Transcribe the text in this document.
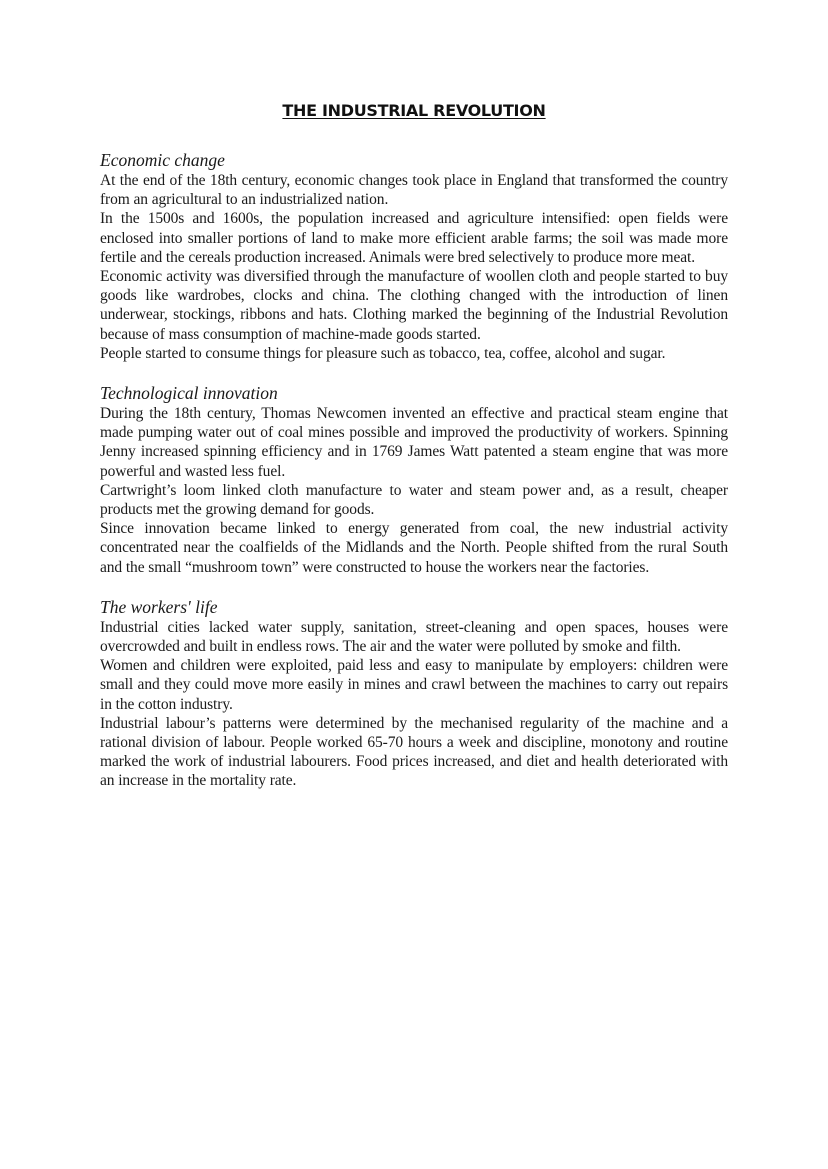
THE INDUSTRIAL REVOLUTION
Economic change

At the end of the 18th century, economic changes took place in England that transformed the country from an agricultural to an industrialized nation.

In the 1500s and 1600s, the population increased and agriculture intensified: open fields were enclosed into smaller portions of land to make more efficient arable farms; the soil was made more fertile and the cereals production increased. Animals were bred selectively to produce more meat.

Economic activity was diversified through the manufacture of woollen cloth and people started to buy goods like wardrobes, clocks and china. The clothing changed with the introduction of linen underwear, stockings, ribbons and hats. Clothing marked the beginning of the Industrial Revolution because of mass consumption of machine-made goods started.

People started to consume things for pleasure such as tobacco, tea, coffee, alcohol and sugar.

Technological innovation

During the 18th century, Thomas Newcomen invented an effective and practical steam engine that made pumping water out of coal mines possible and improved the productivity of workers. Spinning Jenny increased spinning efficiency and in 1769 James Watt patented a steam engine that was more powerful and wasted less fuel.

Cartwright’s loom linked cloth manufacture to water and steam power and, as a result, cheaper products met the growing demand for goods.

Since innovation became linked to energy generated from coal, the new industrial activity concentrated near the coalfields of the Midlands and the North. People shifted from the rural South and the small “mushroom town” were constructed to house the workers near the factories.

The workers' life

Industrial cities lacked water supply, sanitation, street-cleaning and open spaces, houses were overcrowded and built in endless rows. The air and the water were polluted by smoke and filth.

Women and children were exploited, paid less and easy to manipulate by employers: children were small and they could move more easily in mines and crawl between the machines to carry out repairs in the cotton industry.

Industrial labour’s patterns were determined by the mechanised regularity of the machine and a rational division of labour. People worked 65-70 hours a week and discipline, monotony and routine marked the work of industrial labourers. Food prices increased, and diet and health deteriorated with an increase in the mortality rate.
